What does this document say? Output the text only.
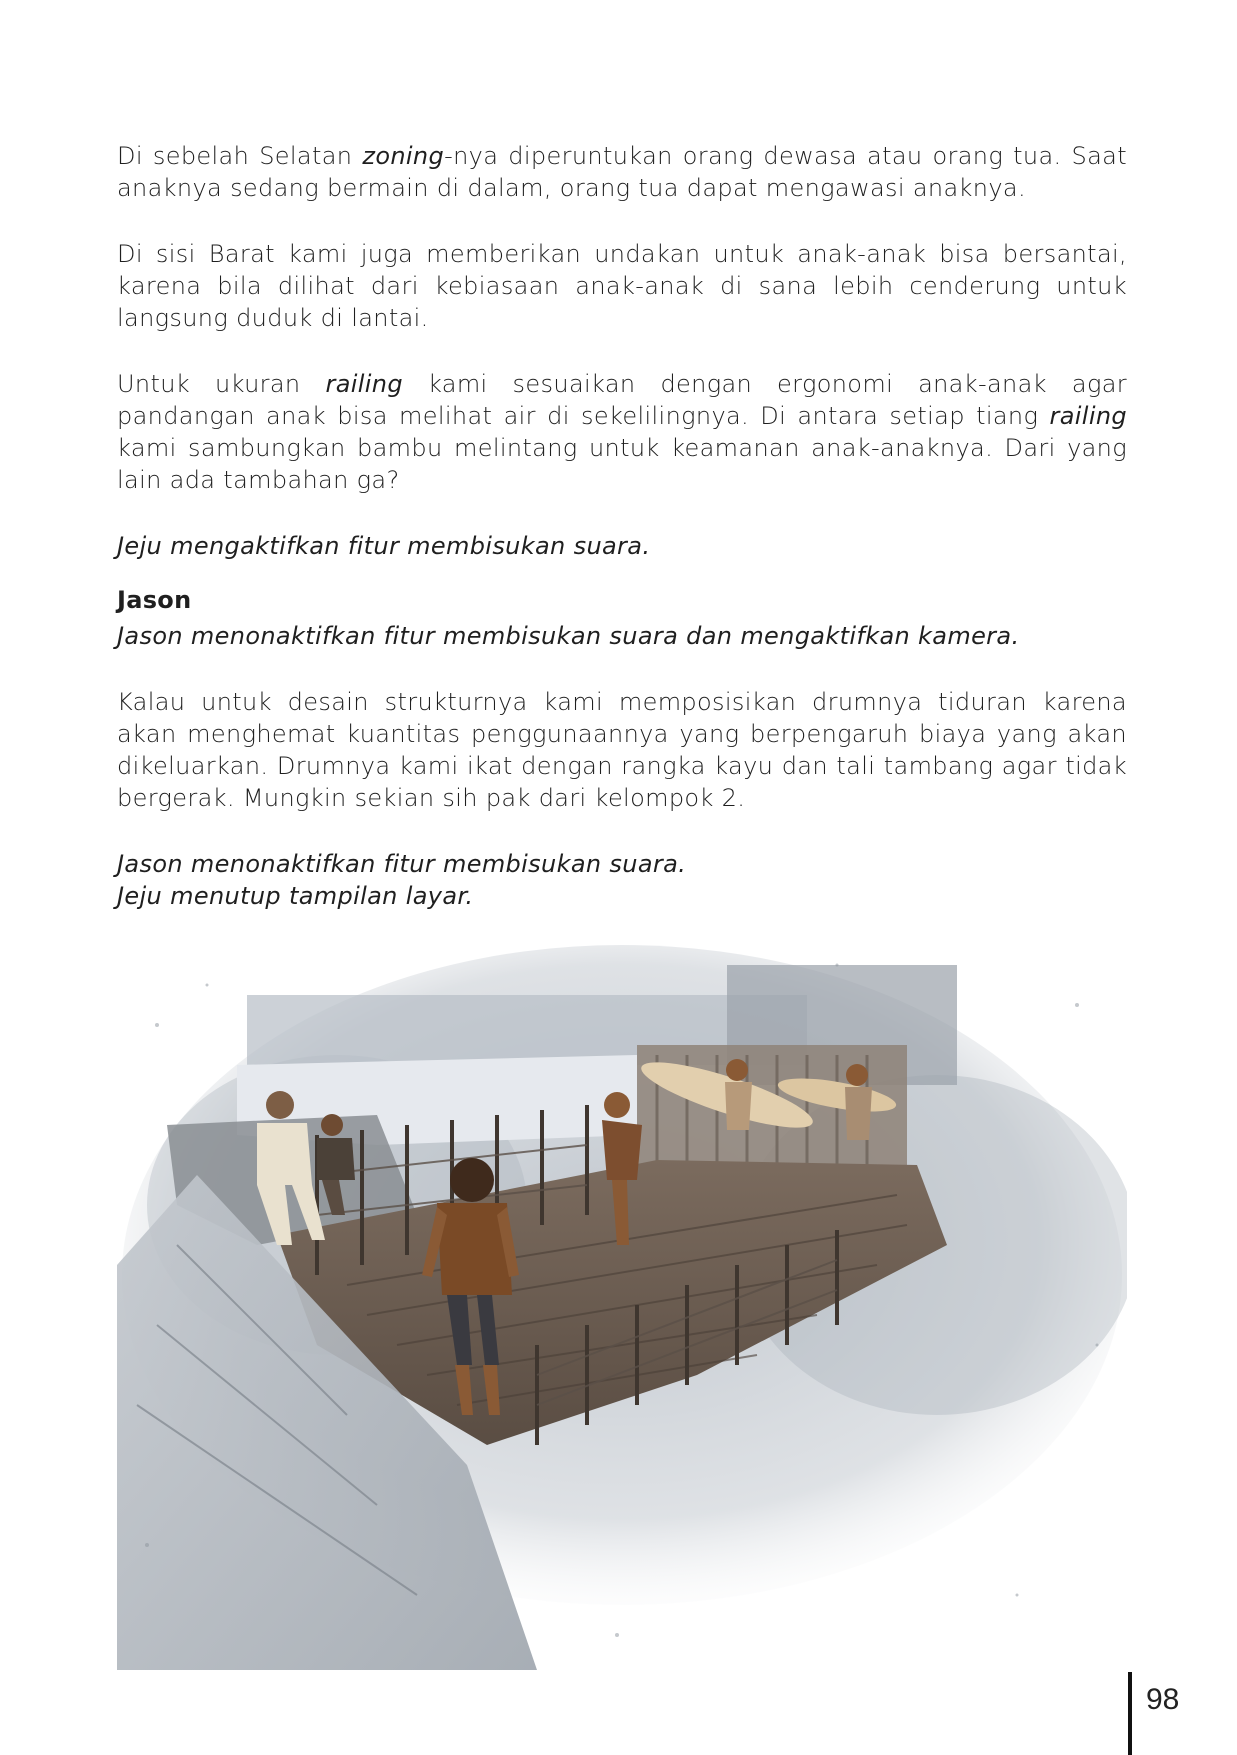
Di sebelah Selatan zoning-nya diperuntukan orang dewasa atau orang tua. Saat anaknya sedang bermain di dalam, orang tua dapat mengawasi anaknya.

Di sisi Barat kami juga memberikan undakan untuk anak-anak bisa bersantai, karena bila dilihat dari kebiasaan anak-anak di sana lebih cenderung untuk langsung duduk di lantai.

Untuk ukuran railing kami sesuaikan dengan ergonomi anak-anak agar pandangan anak bisa melihat air di sekelilingnya. Di antara setiap tiang railing kami sambungkan bambu melintang untuk keamanan anak-anaknya. Dari yang lain ada tambahan ga?

Jeju mengaktifkan fitur membisukan suara.

Jason

Jason menonaktifkan fitur membisukan suara dan mengaktifkan kamera.

Kalau untuk desain strukturnya kami memposisikan drumnya tiduran karena akan menghemat kuantitas penggunaannya yang berpengaruh biaya yang akan dikeluarkan. Drumnya kami ikat dengan rangka kayu dan tali tambang agar tidak bergerak. Mungkin sekian sih pak dari kelompok 2.

Jason menonaktifkan fitur membisukan suara.

Jeju menutup tampilan layar.

98
